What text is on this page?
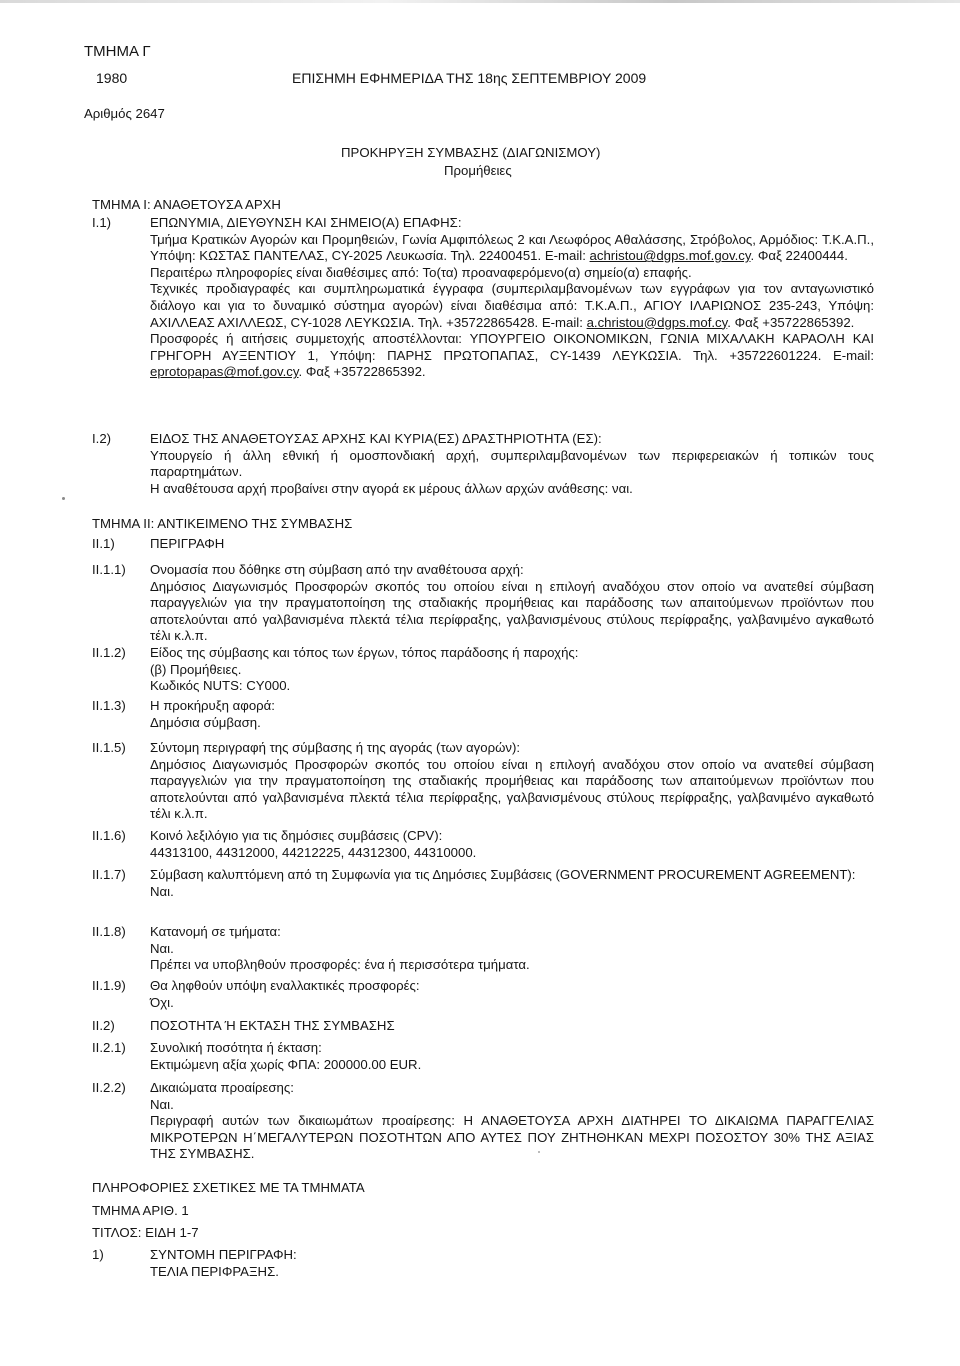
ΤΜΗΜΑ Γ
1980	ΕΠΙΣΗΜΗ ΕΦΗΜΕΡΙΔΑ ΤΗΣ 18ης ΣΕΠΤΕΜΒΡΙΟΥ 2009
Αριθμός 2647
ΠΡΟΚΗΡΥΞΗ ΣΥΜΒΑΣΗΣ (ΔΙΑΓΩΝΙΣΜΟΥ)
Προμήθειες
ΤΜΗΜΑ Ι: ΑΝΑΘΕΤΟΥΣΑ ΑΡΧΗ
Ι.1)	ΕΠΩΝΥΜΙΑ, ΔΙΕΥΘΥΝΣΗ ΚΑΙ ΣΗΜΕΙΟ(Α) ΕΠΑΦΗΣ:

Τμήμα Κρατικών Αγορών και Προμηθειών, Γωνία Αμφιπόλεως 2 και Λεωφόρος Αθαλάσσης, Στρόβολος, Αρμόδιος: Τ.Κ.Α.Π., Υπόψη: ΚΩΣΤΑΣ ΠΑΝΤΕΛΑΣ, CY-2025 Λευκωσία. Τηλ. 22400451. E-mail: achristou@dgps.mof.gov.cy. Φαξ 22400444.

Περαιτέρω πληροφορίες είναι διαθέσιμες από: Το(τα) προαναφερόμενο(α) σημείο(α) επαφής.

Τεχνικές προδιαγραφές και συμπληρωματικά έγγραφα (συμπεριλαμβανομένων των εγγράφων για τον ανταγωνιστικό διάλογο και για το δυναμικό σύστημα αγορών) είναι διαθέσιμα από: Τ.Κ.Α.Π., ΑΓΙΟΥ ΙΛΑΡΙΩΝΟΣ 235-243, Υπόψη: ΑΧΙΛΛΕΑΣ ΑΧΙΛΛΕΩΣ, CY-1028 ΛΕΥΚΩΣΙΑ. Τηλ. +35722865428. E-mail: a.christou@dgps.mof.cy. Φαξ +35722865392.

Προσφορές ή αιτήσεις συμμετοχής αποστέλλονται: ΥΠΟΥΡΓΕΙΟ ΟΙΚΟΝΟΜΙΚΩΝ, ΓΩΝΙΑ ΜΙΧΑΛΑΚΗ ΚΑΡΑΟΛΗ ΚΑΙ ΓΡΗΓΟΡΗ ΑΥΞΕΝΤΙΟΥ 1, Υπόψη: ΠΑΡΗΣ ΠΡΩΤΟΠΑΠΑΣ, CY-1439 ΛΕΥΚΩΣΙΑ. Τηλ. +35722601224. E-mail: eprotopapas@mof.gov.cy. Φαξ +35722865392.

Ι.2)	ΕΙΔΟΣ ΤΗΣ ΑΝΑΘΕΤΟΥΣΑΣ ΑΡΧΗΣ ΚΑΙ ΚΥΡΙΑ(ΕΣ) ΔΡΑΣΤΗΡΙΟΤΗΤΑ (ΕΣ):

Υπουργείο ή άλλη εθνική ή ομοσπονδιακή αρχή, συμπεριλαμβανομένων των περιφερειακών ή τοπικών τους παραρτημάτων.

Η αναθέτουσα αρχή προβαίνει στην αγορά εκ μέρους άλλων αρχών ανάθεσης: ναι.

ΤΜΗΜΑ ΙΙ: ΑΝΤΙΚΕΙΜΕΝΟ ΤΗΣ ΣΥΜΒΑΣΗΣ
ΙΙ.1)	ΠΕΡΙΓΡΑΦΗ
ΙΙ.1.1) Ονομασία που δόθηκε στη σύμβαση από την αναθέτουσα αρχή:

Δημόσιος Διαγωνισμός Προσφορών σκοπός του οποίου είναι η επιλογή αναδόχου στον οποίο να ανατεθεί σύμβαση παραγγελιών για την πραγματοποίηση της σταδιακής προμήθειας και παράδοσης των απαιτούμενων προϊόντων που αποτελούνται από γαλβανισμένα πλεκτά τέλια περίφραξης, γαλβανισμένους στύλους περίφραξης, γαλβανιμένο αγκαθωτό τέλι κ.λ.π.

ΙΙ.1.2) Είδος της σύμβασης και τόπος των έργων, τόπος παράδοσης ή παροχής:

(β) Προμήθειες.

Κωδικός NUTS: CY000.

ΙΙ.1.3) Η προκήρυξη αφορά:

Δημόσια σύμβαση.

ΙΙ.1.5) Σύντομη περιγραφή της σύμβασης ή της αγοράς (των αγορών):

Δημόσιος Διαγωνισμός Προσφορών σκοπός του οποίου είναι η επιλογή αναδόχου στον οποίο να ανατεθεί σύμβαση παραγγελιών για την πραγματοποίηση της σταδιακής προμήθειας και παράδοσης των απαιτούμενων προϊόντων που αποτελούνται από γαλβανισμένα πλεκτά τέλια περίφραξης, γαλβανισμένους στύλους περίφραξης, γαλβανιμένο αγκαθωτό τέλι κ.λ.π.

ΙΙ.1.6) Κοινό λεξιλόγιο για τις δημόσιες συμβάσεις (CPV):

44313100, 44312000, 44212225, 44312300, 44310000.

ΙΙ.1.7) Σύμβαση καλυπτόμενη από τη Συμφωνία για τις Δημόσιες Συμβάσεις (GOVERNMENT PROCUREMENT AGREEMENT):

Ναι.

ΙΙ.1.8) Κατανομή σε τμήματα:

Ναι.

Πρέπει να υποβληθούν προσφορές: ένα ή περισσότερα τμήματα.

ΙΙ.1.9) Θα ληφθούν υπόψη εναλλακτικές προσφορές:

Όχι.

ΙΙ.2)	ΠΟΣΟΤΗΤΑ Ή ΕΚΤΑΣΗ ΤΗΣ ΣΥΜΒΑΣΗΣ
ΙΙ.2.1) Συνολική ποσότητα ή έκταση:

Εκτιμώμενη αξία χωρίς ΦΠΑ: 200000.00 EUR.

ΙΙ.2.2) Δικαιώματα προαίρεσης:

Ναι.

Περιγραφή αυτών των δικαιωμάτων προαίρεσης: Η ΑΝΑΘΕΤΟΥΣΑ ΑΡΧΗ ΔΙΑΤΗΡΕΙ ΤΟ ΔΙΚΑΙΩΜΑ ΠΑΡΑΓΓΕΛΙΑΣ ΜΙΚΡΟΤΕΡΩΝ Η΄ΜΕΓΑΛΥΤΕΡΩΝ ΠΟΣΟΤΗΤΩΝ ΑΠΟ ΑΥΤΕΣ ΠΟΥ ΖΗΤΗΘΗΚΑΝ ΜΕΧΡΙ ΠΟΣΟΣΤΟΥ 30% ΤΗΣ ΑΞΙΑΣ ΤΗΣ ΣΥΜΒΑΣΗΣ.

ΠΛΗΡΟΦΟΡΙΕΣ ΣΧΕΤΙΚΕΣ ΜΕ ΤΑ ΤΜΗΜΑΤΑ
ΤΜΗΜΑ ΑΡΙΘ. 1
ΤΙΤΛΟΣ: ΕΙΔΗ 1-7
1)	ΣΥΝΤΟΜΗ ΠΕΡΙΓΡΑΦΗ:
ΤΕΛΙΑ ΠΕΡΙΦΡΑΞΗΣ.
